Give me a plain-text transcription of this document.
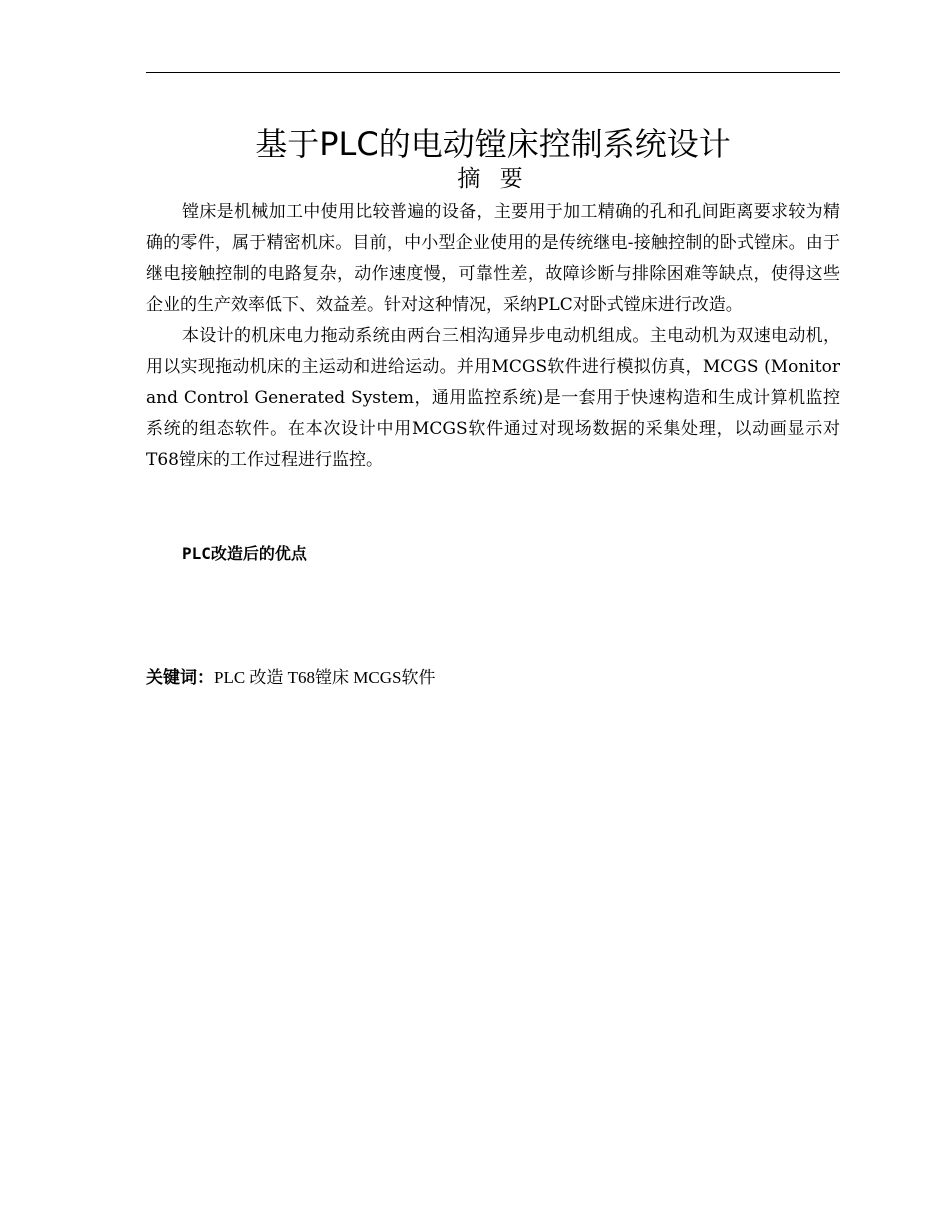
基于PLC的电动镗床控制系统设计
摘 要

镗床是机械加工中使用比较普遍的设备，主要用于加工精确的孔和孔间距离要求较为精确的零件，属于精密机床。目前，中小型企业使用的是传统继电-接触控制的卧式镗床。由于继电接触控制的电路复杂，动作速度慢，可靠性差，故障诊断与排除困难等缺点，使得这些企业的生产效率低下、效益差。针对这种情况，采纳PLC对卧式镗床进行改造。

本设计的机床电力拖动系统由两台三相沟通异步电动机组成。主电动机为双速电动机，用以实现拖动机床的主运动和进给运动。并用MCGS软件进行模拟仿真，MCGS (Monitor and Control Generated System，通用监控系统)是一套用于快速构造和生成计算机监控系统的组态软件。在本次设计中用MCGS软件通过对现场数据的采集处理，以动画显示对T68镗床的工作过程进行监控。

PLC改造后的优点
关键词：PLC 改造 T68镗床 MCGS软件
